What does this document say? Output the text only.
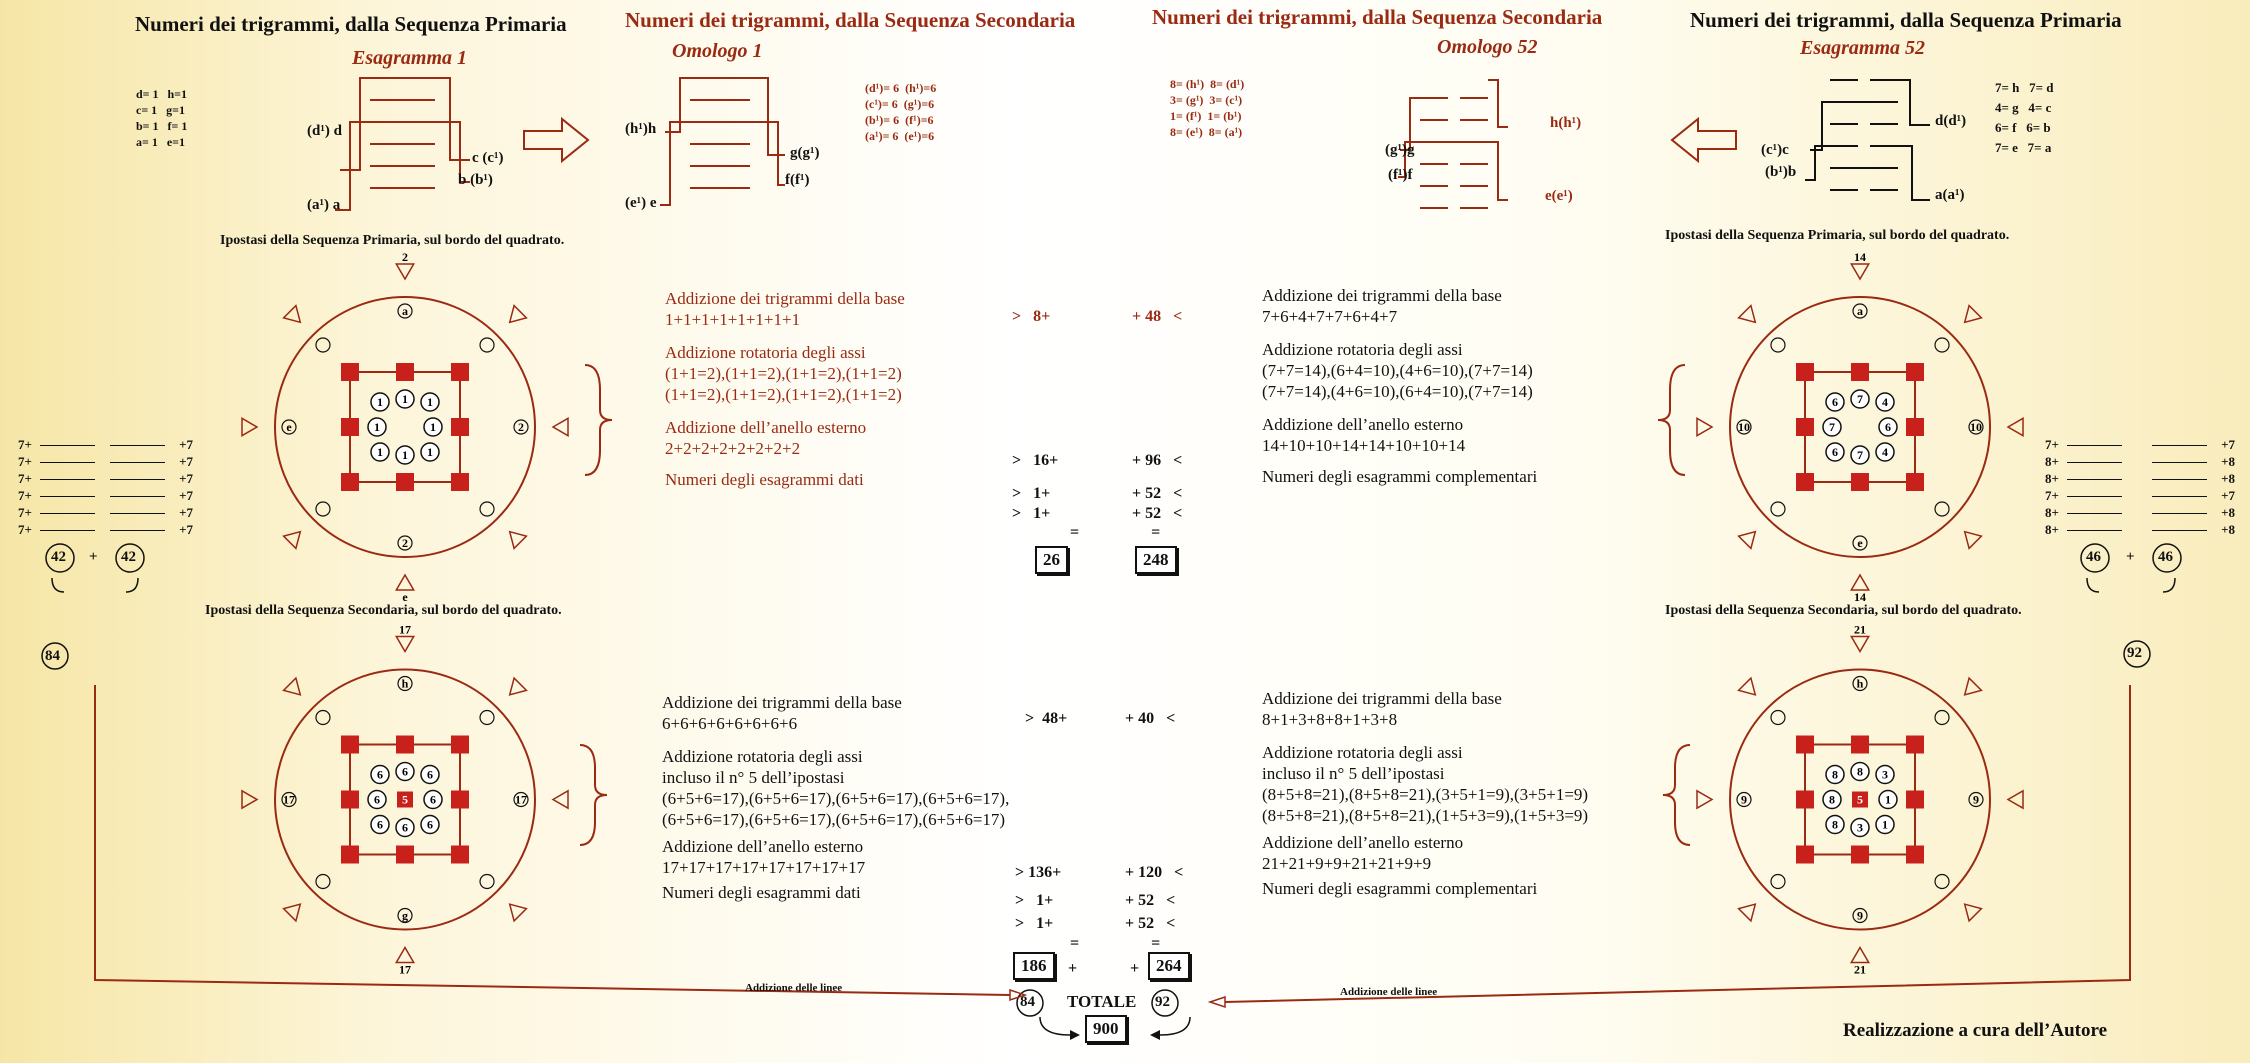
Numeri dei trigrammi, dalla Sequenza Primaria	Numeri dei trigrammi, dalla Sequenza Secondaria	Numeri dei trigrammi, dalla Sequenza Secondaria	Numeri dei trigrammi, dalla Sequenza Primaria
Esagramma 1	Omologo 1	Omologo 52	Esagramma 52
d= 1   h=1
c= 1   g=1
b= 1   f= 1
a= 1   e=1
(d¹)= 6  (h¹)=6
(c¹)= 6  (g¹)=6
(b¹)= 6  (f¹)=6
(a¹)= 6  (e¹)=6
8= (h¹)  8= (d¹)
3= (g¹)  3= (c¹)
1= (f¹)  1= (b¹)
8= (e¹)  8= (a¹)
7= h   7= d
4= g   4= c
6= f   6= b
7= e   7= a
(d¹) d
(a¹) a
c (c¹)
b (b¹)
(h¹)h
(e¹) e
g(g¹)
f(f¹)
(g¹)g
(f¹)f
h(h¹)
e(e¹)
(c¹)c
(b¹)b
d(d¹)
a(a¹)
Ipostasi della Sequenza Primaria, sul bordo del quadrato.	Ipostasi della Sequenza Primaria, sul bordo del quadrato.
Ipostasi della Sequenza Secondaria, sul bordo del quadrato.	Ipostasi della Sequenza Secondaria, sul bordo del quadrato.
1 1 1
1
1
1
1
1
2
a
e
2
e	2
6 7 4
6
4
7
6
7
14
a
14
e
10	10
6 6 6
6
6
6
6
6 5
17
h
17
g
17	17
8 8 3
1
1
3
8
8 5
21
h
21
9
9	9
Addizione dei trigrammi della base
1+1+1+1+1+1+1+1
Addizione rotatoria degli assi
(1+1=2),(1+1=2),(1+1=2),(1+1=2)
(1+1=2),(1+1=2),(1+1=2),(1+1=2)
Addizione dell’anello esterno
2+2+2+2+2+2+2+2
Numeri degli esagrammi dati
Addizione dei trigrammi della base
7+6+4+7+7+6+4+7
Addizione rotatoria degli assi
(7+7=14),(6+4=10),(4+6=10),(7+7=14)
(7+7=14),(4+6=10),(6+4=10),(7+7=14)
Addizione dell’anello esterno
14+10+10+14+14+10+10+14
Numeri degli esagrammi complementari
>   8+	+ 48   <
>   16+	+ 96   <
>   1+	+ 52   <
>   1+	+ 52   <
=                  =
26	248
Addizione dei trigrammi della base
6+6+6+6+6+6+6+6
Addizione rotatoria degli assi
incluso il n° 5 dell’ipostasi
(6+5+6=17),(6+5+6=17),(6+5+6=17),(6+5+6=17),
(6+5+6=17),(6+5+6=17),(6+5+6=17),(6+5+6=17)
Addizione dell’anello esterno
17+17+17+17+17+17+17+17
Numeri degli esagrammi dati
Addizione dei trigrammi della base
8+1+3+8+8+1+3+8
Addizione rotatoria degli assi
incluso il n° 5 dell’ipostasi
(8+5+8=21),(8+5+8=21),(3+5+1=9),(3+5+1=9)
(8+5+8=21),(8+5+8=21),(1+5+3=9),(1+5+3=9)
Addizione dell’anello esterno
21+21+9+9+21+21+9+9
Numeri degli esagrammi complementari
>  48+	+ 40   <
> 136+	+ 120   <
>   1+	+ 52   <
>   1+	+ 52   <
=                  =
186	+	+ 264
TOTALE
900
84	92
7+	+7
7+	+7
7+	+7
7+	+7
7+	+7
7+	+7
7+	+7
8+	+8
8+	+8
7+	+7
8+	+8
8+	+8
42 + 42	46 + 46
84	92
Addizione delle linee	Addizione delle linee
Realizzazione a cura dell’Autore
